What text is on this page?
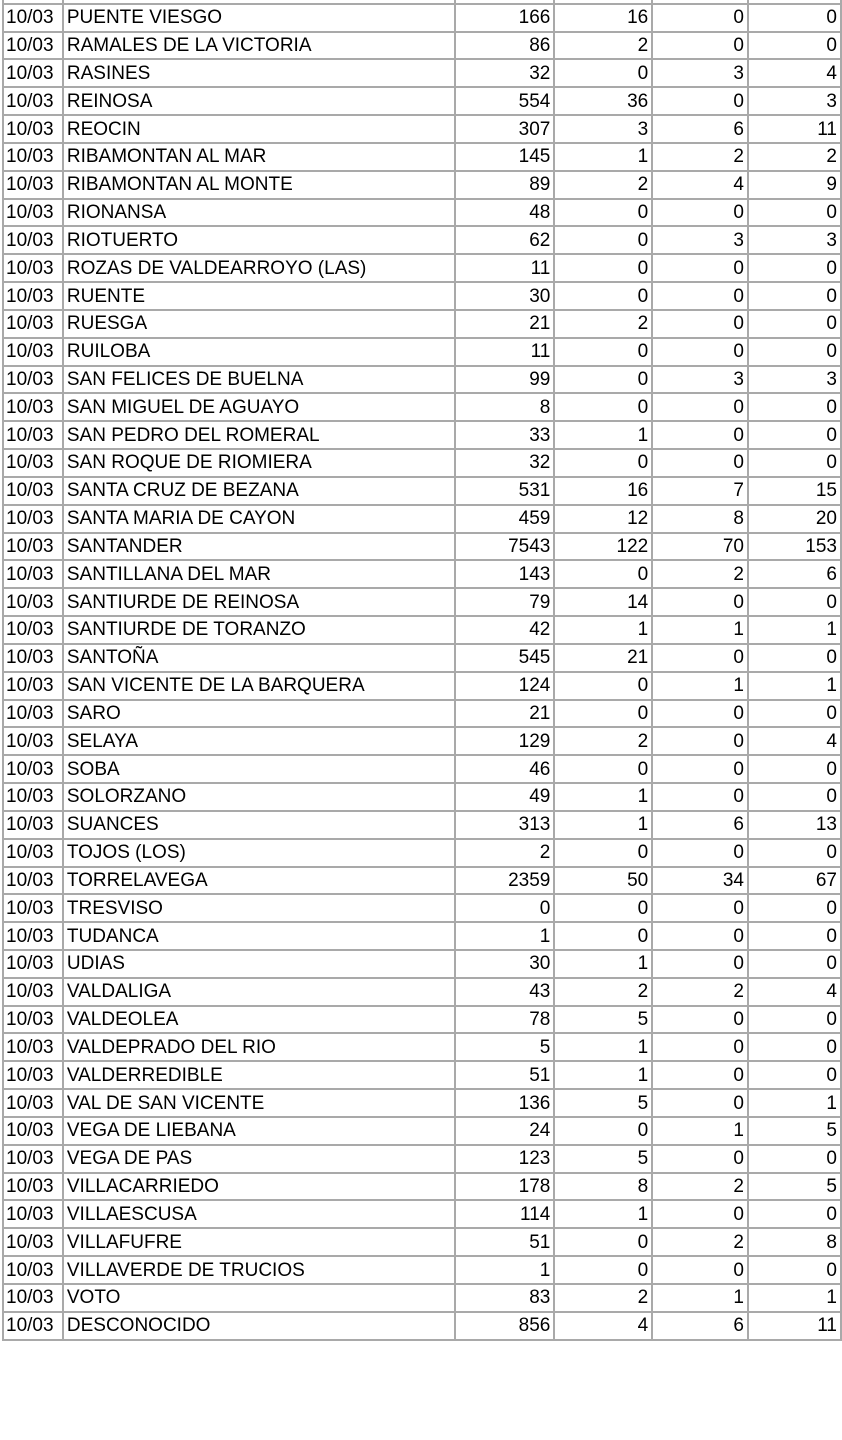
10/03	PUENTE VIESGO	166	16	0	0
10/03	RAMALES DE LA VICTORIA	86	2	0	0
10/03	RASINES	32	0	3	4
10/03	REINOSA	554	36	0	3
10/03	REOCIN	307	3	6	11
10/03	RIBAMONTAN AL MAR	145	1	2	2
10/03	RIBAMONTAN AL MONTE	89	2	4	9
10/03	RIONANSA	48	0	0	0
10/03	RIOTUERTO	62	0	3	3
10/03	ROZAS DE VALDEARROYO (LAS)	11	0	0	0
10/03	RUENTE	30	0	0	0
10/03	RUESGA	21	2	0	0
10/03	RUILOBA	11	0	0	0
10/03	SAN FELICES DE BUELNA	99	0	3	3
10/03	SAN MIGUEL DE AGUAYO	8	0	0	0
10/03	SAN PEDRO DEL ROMERAL	33	1	0	0
10/03	SAN ROQUE DE RIOMIERA	32	0	0	0
10/03	SANTA CRUZ DE BEZANA	531	16	7	15
10/03	SANTA MARIA DE CAYON	459	12	8	20
10/03	SANTANDER	7543	122	70	153
10/03	SANTILLANA DEL MAR	143	0	2	6
10/03	SANTIURDE DE REINOSA	79	14	0	0
10/03	SANTIURDE DE TORANZO	42	1	1	1
10/03	SANTOÑA	545	21	0	0
10/03	SAN VICENTE DE LA BARQUERA	124	0	1	1
10/03	SARO	21	0	0	0
10/03	SELAYA	129	2	0	4
10/03	SOBA	46	0	0	0
10/03	SOLORZANO	49	1	0	0
10/03	SUANCES	313	1	6	13
10/03	TOJOS (LOS)	2	0	0	0
10/03	TORRELAVEGA	2359	50	34	67
10/03	TRESVISO	0	0	0	0
10/03	TUDANCA	1	0	0	0
10/03	UDIAS	30	1	0	0
10/03	VALDALIGA	43	2	2	4
10/03	VALDEOLEA	78	5	0	0
10/03	VALDEPRADO DEL RIO	5	1	0	0
10/03	VALDERREDIBLE	51	1	0	0
10/03	VAL DE SAN VICENTE	136	5	0	1
10/03	VEGA DE LIEBANA	24	0	1	5
10/03	VEGA DE PAS	123	5	0	0
10/03	VILLACARRIEDO	178	8	2	5
10/03	VILLAESCUSA	114	1	0	0
10/03	VILLAFUFRE	51	0	2	8
10/03	VILLAVERDE DE TRUCIOS	1	0	0	0
10/03	VOTO	83	2	1	1
10/03	DESCONOCIDO	856	4	6	11
